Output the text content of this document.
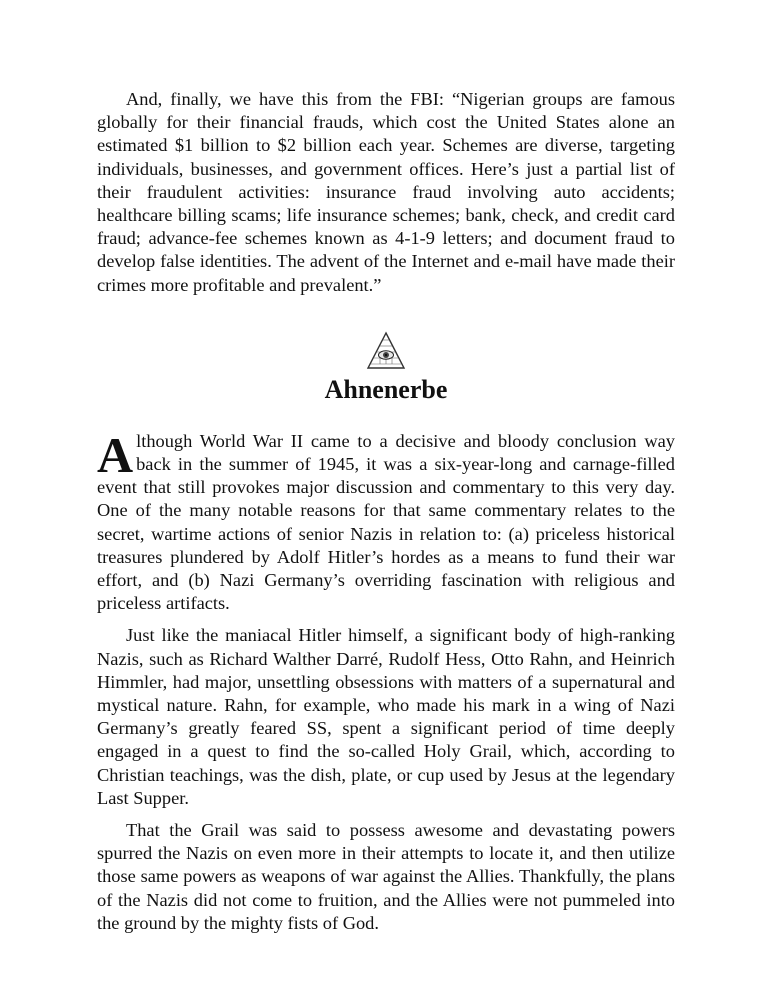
And, finally, we have this from the FBI: “Nigerian groups are famous globally for their financial frauds, which cost the United States alone an estimated $1 billion to $2 billion each year. Schemes are diverse, targeting individuals, businesses, and government offices. Here’s just a partial list of their fraudulent activities: insurance fraud involving auto accidents; healthcare billing scams; life insurance schemes; bank, check, and credit card fraud; advance-fee schemes known as 4-1-9 letters; and document fraud to develop false identities. The advent of the Internet and e-mail have made their crimes more profitable and prevalent.”

Ahnenerbe

Although World War II came to a decisive and bloody conclusion way back in the summer of 1945, it was a six-year-long and carnage-filled event that still provokes major discussion and commentary to this very day. One of the many notable reasons for that same commentary relates to the secret, wartime actions of senior Nazis in relation to: (a) priceless historical treasures plundered by Adolf Hitler’s hordes as a means to fund their war effort, and (b) Nazi Germany’s overriding fascination with religious and priceless artifacts.

Just like the maniacal Hitler himself, a significant body of high-ranking Nazis, such as Richard Walther Darré, Rudolf Hess, Otto Rahn, and Heinrich Himmler, had major, unsettling obsessions with matters of a supernatural and mystical nature. Rahn, for example, who made his mark in a wing of Nazi Germany’s greatly feared SS, spent a significant period of time deeply engaged in a quest to find the so-called Holy Grail, which, according to Christian teachings, was the dish, plate, or cup used by Jesus at the legendary Last Supper.

That the Grail was said to possess awesome and devastating powers spurred the Nazis on even more in their attempts to locate it, and then utilize those same powers as weapons of war against the Allies. Thankfully, the plans of the Nazis did not come to fruition, and the Allies were not pummeled into the ground by the mighty fists of God.
